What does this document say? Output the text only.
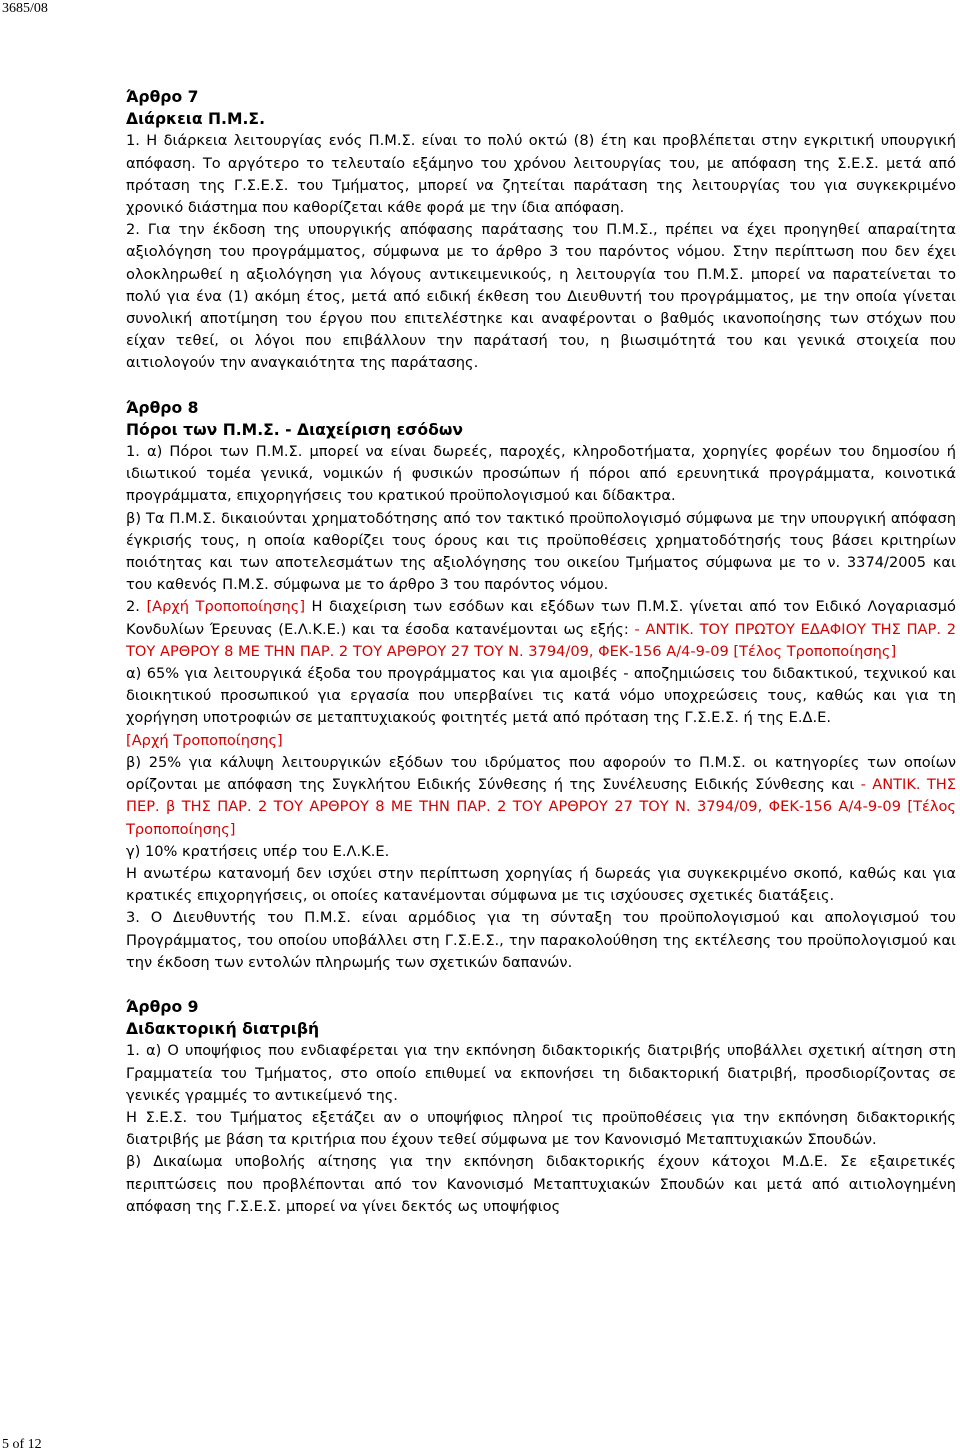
3685/08

Άρθρο 7

Διάρκεια Π.Μ.Σ.

1. Η διάρκεια λειτουργίας ενός Π.Μ.Σ. είναι το πολύ οκτώ (8) έτη και προβλέπεται στην εγκριτική υπουργική απόφαση. Το αργότερο το τελευταίο εξάμηνο του χρόνου λειτουργίας του, με απόφαση της Σ.Ε.Σ. μετά από πρόταση της Γ.Σ.Ε.Σ. του Τμήματος, μπορεί να ζητείται παράταση της λειτουργίας του για συγκεκριμένο χρονικό διάστημα που καθορίζεται κάθε φορά με την ίδια απόφαση.

2. Για την έκδοση της υπουργικής απόφασης παράτασης του Π.Μ.Σ., πρέπει να έχει προηγηθεί απαραίτητα αξιολόγηση του προγράμματος, σύμφωνα με το άρθρο 3 του παρόντος νόμου. Στην περίπτωση που δεν έχει ολοκληρωθεί η αξιολόγηση για λόγους αντικειμενικούς, η λειτουργία του Π.Μ.Σ. μπορεί να παρατείνεται το πολύ για ένα (1) ακόμη έτος, μετά από ειδική έκθεση του Διευθυντή του προγράμματος, με την οποία γίνεται συνολική αποτίμηση του έργου που επιτελέστηκε και αναφέρονται ο βαθμός ικανοποίησης των στόχων που είχαν τεθεί, οι λόγοι που επιβάλλουν την παράτασή του, η βιωσιμότητά του και γενικά στοιχεία που αιτιολογούν την αναγκαιότητα της παράτασης.

Άρθρο 8

Πόροι των Π.Μ.Σ. - Διαχείριση εσόδων

1. α) Πόροι των Π.Μ.Σ. μπορεί να είναι δωρεές, παροχές, κληροδοτήματα, χορηγίες φορέων του δημοσίου ή ιδιωτικού τομέα γενικά, νομικών ή φυσικών προσώπων ή πόροι από ερευνητικά προγράμματα, κοινοτικά προγράμματα, επιχορηγήσεις του κρατικού προϋπολογισμού και δίδακτρα.

β) Τα Π.Μ.Σ. δικαιούνται χρηματοδότησης από τον τακτικό προϋπολογισμό σύμφωνα με την υπουργική απόφαση έγκρισής τους, η οποία καθορίζει τους όρους και τις προϋποθέσεις χρηματοδότησής τους βάσει κριτηρίων ποιότητας και των αποτελεσμάτων της αξιολόγησης του οικείου Τμήματος σύμφωνα με το ν. 3374/2005 και του καθενός Π.Μ.Σ. σύμφωνα με το άρθρο 3 του παρόντος νόμου.

2. [Αρχή Τροποποίησης] Η διαχείριση των εσόδων και εξόδων των Π.Μ.Σ. γίνεται από τον Ειδικό Λογαριασμό Κονδυλίων Έρευνας (Ε.Λ.Κ.Ε.) και τα έσοδα κατανέμονται ως εξής: - ΑΝΤΙΚ. ΤΟΥ ΠΡΩΤΟΥ ΕΔΑΦΙΟΥ ΤΗΣ ΠΑΡ. 2 ΤΟΥ ΑΡΘΡΟΥ 8 ΜΕ ΤΗΝ ΠΑΡ. 2 ΤΟΥ ΑΡΘΡΟΥ 27 ΤΟΥ Ν. 3794/09, ΦΕΚ-156 Α/4-9-09 [Τέλος Τροποποίησης]

α) 65% για λειτουργικά έξοδα του προγράμματος και για αμοιβές - αποζημιώσεις του διδακτικού, τεχνικού και διοικητικού προσωπικού για εργασία που υπερβαίνει τις κατά νόμο υποχρεώσεις τους, καθώς και για τη χορήγηση υποτροφιών σε μεταπτυχιακούς φοιτητές μετά από πρόταση της Γ.Σ.Ε.Σ. ή της Ε.Δ.Ε.

[Αρχή Τροποποίησης]

β) 25% για κάλυψη λειτουργικών εξόδων του ιδρύματος που αφορούν το Π.Μ.Σ. οι κατηγορίες των οποίων ορίζονται με απόφαση της Συγκλήτου Ειδικής Σύνθεσης ή της Συνέλευσης Ειδικής Σύνθεσης και - ΑΝΤΙΚ. ΤΗΣ ΠΕΡ. β ΤΗΣ ΠΑΡ. 2 ΤΟΥ ΑΡΘΡΟΥ 8 ΜΕ ΤΗΝ ΠΑΡ. 2 ΤΟΥ ΑΡΘΡΟΥ 27 ΤΟΥ Ν. 3794/09, ΦΕΚ-156 Α/4-9-09 [Τέλος Τροποποίησης]

γ) 10% κρατήσεις υπέρ του Ε.Λ.Κ.Ε.

Η ανωτέρω κατανομή δεν ισχύει στην περίπτωση χορηγίας ή δωρεάς για συγκεκριμένο σκοπό, καθώς και για κρατικές επιχορηγήσεις, οι οποίες κατανέμονται σύμφωνα με τις ισχύουσες σχετικές διατάξεις.

3. Ο Διευθυντής του Π.Μ.Σ. είναι αρμόδιος για τη σύνταξη του προϋπολογισμού και απολογισμού του Προγράμματος, του οποίου υποβάλλει στη Γ.Σ.Ε.Σ., την παρακολούθηση της εκτέλεσης του προϋπολογισμού και την έκδοση των εντολών πληρωμής των σχετικών δαπανών.

Άρθρο 9

Διδακτορική διατριβή

1. α) Ο υποψήφιος που ενδιαφέρεται για την εκπόνηση διδακτορικής διατριβής υποβάλλει σχετική αίτηση στη Γραμματεία του Τμήματος, στο οποίο επιθυμεί να εκπονήσει τη διδακτορική διατριβή, προσδιορίζοντας σε γενικές γραμμές το αντικείμενό της.

Η Σ.Ε.Σ. του Τμήματος εξετάζει αν ο υποψήφιος πληροί τις προϋποθέσεις για την εκπόνηση διδακτορικής διατριβής με βάση τα κριτήρια που έχουν τεθεί σύμφωνα με τον Κανονισμό Μεταπτυχιακών Σπουδών.

β) Δικαίωμα υποβολής αίτησης για την εκπόνηση διδακτορικής έχουν κάτοχοι Μ.Δ.Ε. Σε εξαιρετικές περιπτώσεις που προβλέπονται από τον Κανονισμό Μεταπτυχιακών Σπουδών και μετά από αιτιολογημένη απόφαση της Γ.Σ.Ε.Σ. μπορεί να γίνει δεκτός ως υποψήφιος

5 of 12
